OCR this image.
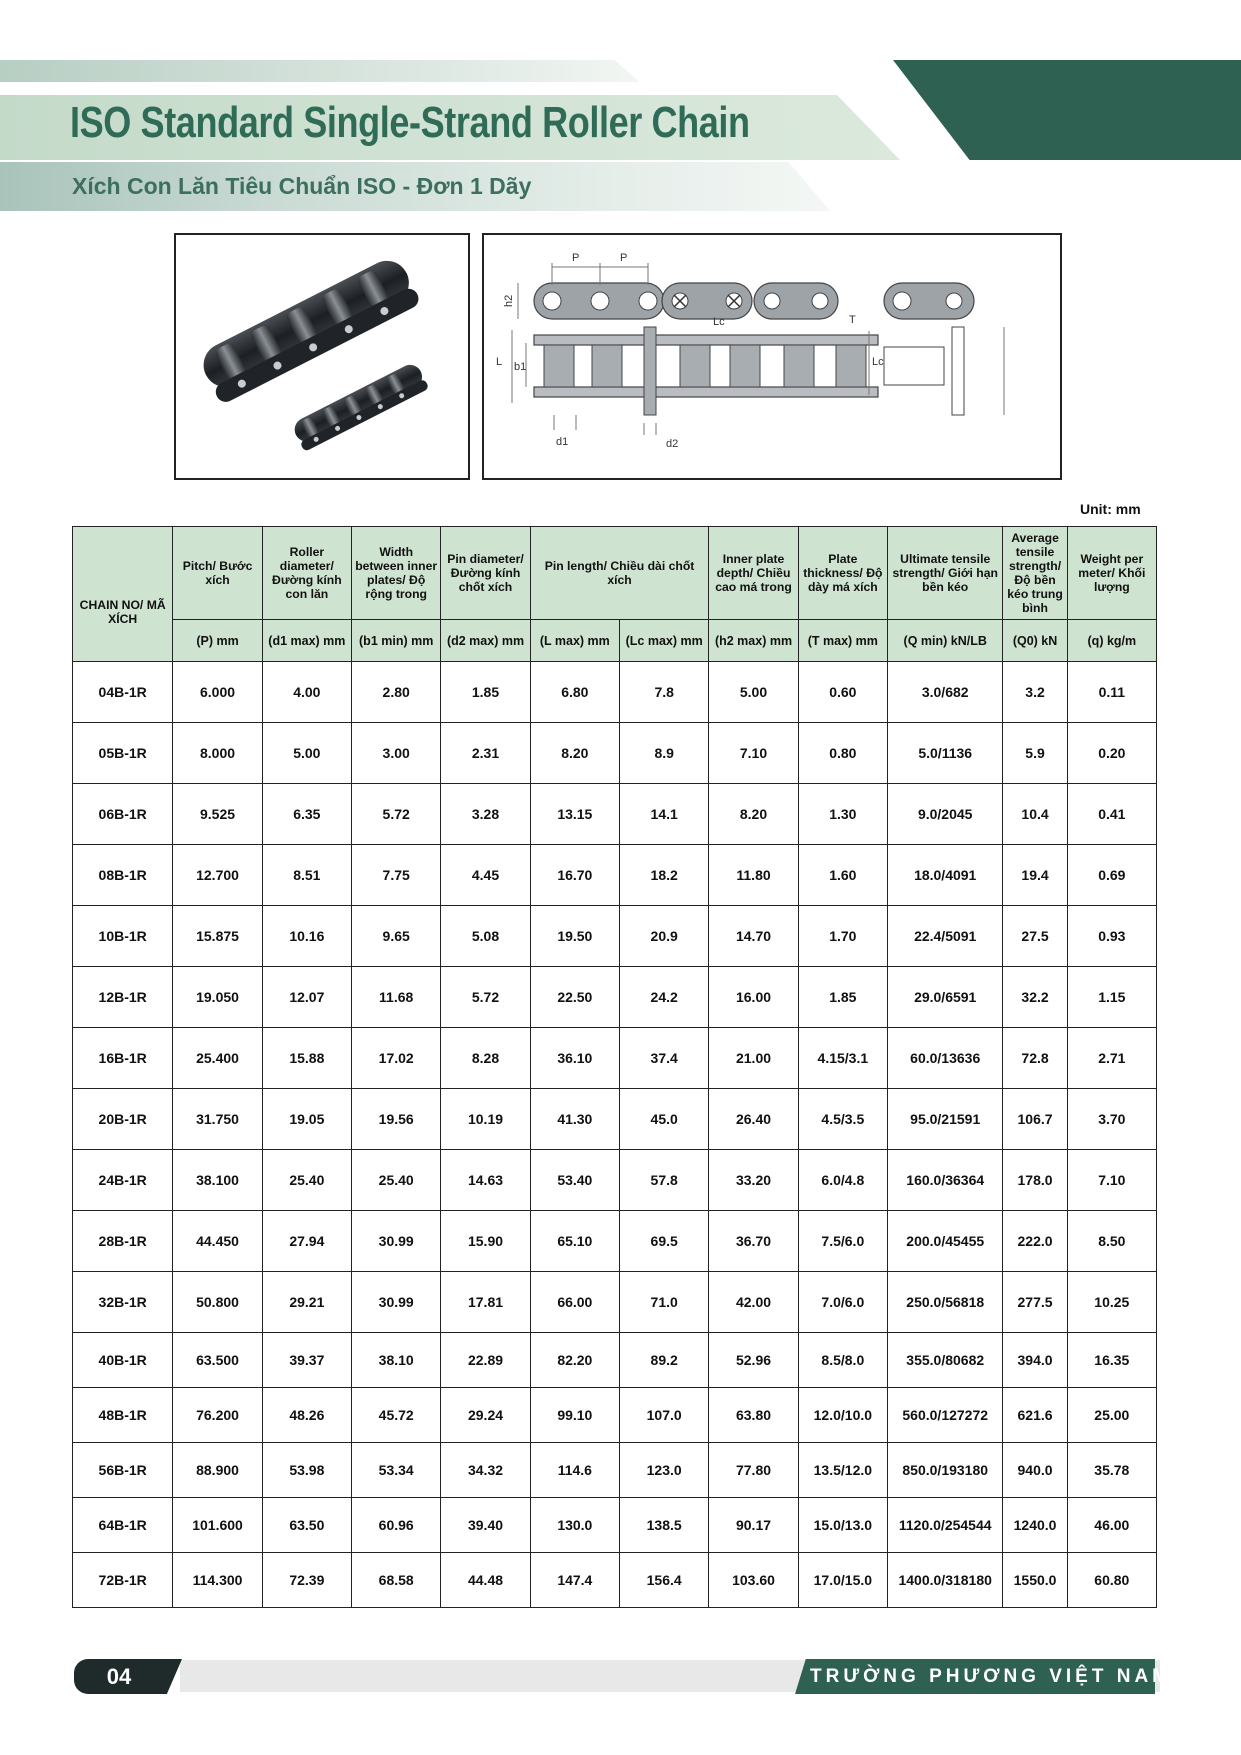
ISO Standard Single-Strand Roller Chain
Xích Con Lăn Tiêu Chuẩn ISO - Đơn 1 Dãy
P	P
h2
L b1
Lc
Lc
T
d1	d2
Unit: mm
CHAIN NO/ MÃ XÍCH	Pitch/ Bước xích	Roller diameter/ Đường kính con lăn	Width between inner plates/ Độ rộng trong	Pin diameter/ Đường kính chốt xích	Pin length/ Chiều dài chốt xích		Inner plate depth/ Chiều cao má trong	Plate thickness/ Độ dày má xích	Ultimate tensile strength/ Giới hạn bền kéo	Average tensile strength/ Độ bền kéo trung bình	Weight per meter/ Khối lượng
	(P) mm	(d1 max) mm	(b1 min) mm	(d2 max) mm	(L max) mm	(Lc max) mm	(h2 max) mm	(T max) mm	(Q min) kN/LB	(Q0) kN	(q) kg/m
04B-1R	6.000	4.00	2.80	1.85	6.80	7.8	5.00	0.60	3.0/682	3.2	0.11
05B-1R	8.000	5.00	3.00	2.31	8.20	8.9	7.10	0.80	5.0/1136	5.9	0.20
06B-1R	9.525	6.35	5.72	3.28	13.15	14.1	8.20	1.30	9.0/2045	10.4	0.41
08B-1R	12.700	8.51	7.75	4.45	16.70	18.2	11.80	1.60	18.0/4091	19.4	0.69
10B-1R	15.875	10.16	9.65	5.08	19.50	20.9	14.70	1.70	22.4/5091	27.5	0.93
12B-1R	19.050	12.07	11.68	5.72	22.50	24.2	16.00	1.85	29.0/6591	32.2	1.15
16B-1R	25.400	15.88	17.02	8.28	36.10	37.4	21.00	4.15/3.1	60.0/13636	72.8	2.71
20B-1R	31.750	19.05	19.56	10.19	41.30	45.0	26.40	4.5/3.5	95.0/21591	106.7	3.70
24B-1R	38.100	25.40	25.40	14.63	53.40	57.8	33.20	6.0/4.8	160.0/36364	178.0	7.10
28B-1R	44.450	27.94	30.99	15.90	65.10	69.5	36.70	7.5/6.0	200.0/45455	222.0	8.50
32B-1R	50.800	29.21	30.99	17.81	66.00	71.0	42.00	7.0/6.0	250.0/56818	277.5	10.25
40B-1R	63.500	39.37	38.10	22.89	82.20	89.2	52.96	8.5/8.0	355.0/80682	394.0	16.35
48B-1R	76.200	48.26	45.72	29.24	99.10	107.0	63.80	12.0/10.0	560.0/127272	621.6	25.00
56B-1R	88.900	53.98	53.34	34.32	114.6	123.0	77.80	13.5/12.0	850.0/193180	940.0	35.78
64B-1R	101.600	63.50	60.96	39.40	130.0	138.5	90.17	15.0/13.0	1120.0/254544	1240.0	46.00
72B-1R	114.300	72.39	68.58	44.48	147.4	156.4	103.60	17.0/15.0	1400.0/318180	1550.0	60.80
04	TRƯỜNG PHƯƠNG VIỆT NAM
